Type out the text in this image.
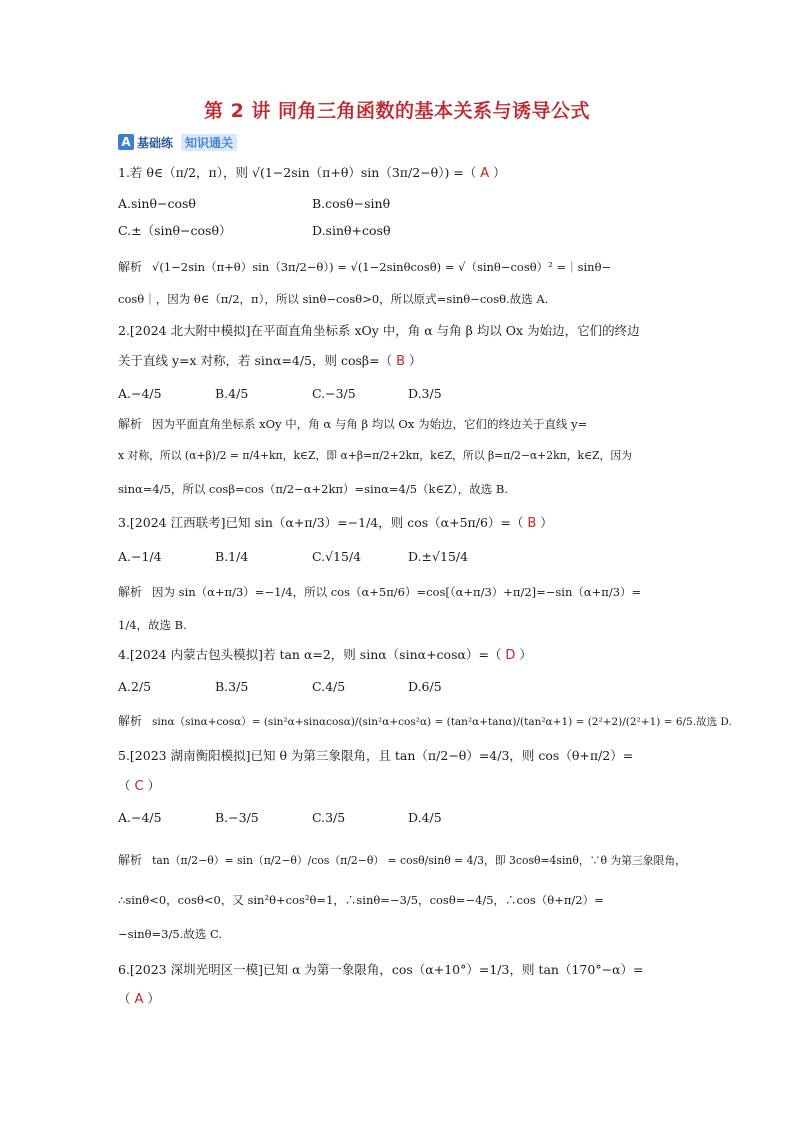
第 2 讲 同角三角函数的基本关系与诱导公式
A 基础练	知识通关
1.若 θ∈（π/2，π），则 √(1−2sin（π+θ）sin（3π/2−θ）) =（ A ）
A.sinθ−cosθ	B.cosθ−sinθ
C.±（sinθ−cosθ）	D.sinθ+cosθ
解析 √(1−2sin（π+θ）sin（3π/2−θ）) = √(1−2sinθcosθ) = √（sinθ−cosθ）² =｜sinθ−
cosθ｜，因为 θ∈（π/2，π），所以 sinθ−cosθ>0，所以原式=sinθ−cosθ.故选 A.
2.[2024 北大附中模拟]在平面直角坐标系 xOy 中，角 α 与角 β 均以 Ox 为始边，它们的终边
关于直线 y=x 对称，若 sinα=4/5，则 cosβ=（ B ）
A.−4/5	B.4/5	C.−3/5	D.3/5
解析 因为平面直角坐标系 xOy 中，角 α 与角 β 均以 Ox 为始边，它们的终边关于直线 y=
x 对称，所以 (α+β)/2 = π/4+kπ，k∈Z，即 α+β=π/2+2kπ，k∈Z，所以 β=π/2−α+2kπ，k∈Z，因为
sinα=4/5，所以 cosβ=cos（π/2−α+2kπ）=sinα=4/5（k∈Z），故选 B.
3.[2024 江西联考]已知 sin（α+π/3）=−1/4，则 cos（α+5π/6）=（ B ）
A.−1/4	B.1/4	C.√15/4	D.±√15/4
解析 因为 sin（α+π/3）=−1/4，所以 cos（α+5π/6）=cos[（α+π/3）+π/2]=−sin（α+π/3）=
1/4，故选 B.
4.[2024 内蒙古包头模拟]若 tan α=2，则 sinα（sinα+cosα）=（ D ）
A.2/5	B.3/5	C.4/5	D.6/5
解析 sinα（sinα+cosα）= (sin²α+sinαcosα)/(sin²α+cos²α) = (tan²α+tanα)/(tan²α+1) = (2²+2)/(2²+1) = 6/5.故选 D.
5.[2023 湖南衡阳模拟]已知 θ 为第三象限角，且 tan（π/2−θ）=4/3，则 cos（θ+π/2）=
（ C ）
A.−4/5	B.−3/5	C.3/5	D.4/5
解析 tan（π/2−θ）= sin（π/2−θ）/cos（π/2−θ） = cosθ/sinθ = 4/3，即 3cosθ=4sinθ，∵θ 为第三象限角，
∴sinθ<0，cosθ<0，又 sin²θ+cos²θ=1，∴sinθ=−3/5，cosθ=−4/5，∴cos（θ+π/2）=
−sinθ=3/5.故选 C.
6.[2023 深圳光明区一模]已知 α 为第一象限角，cos（α+10°）=1/3，则 tan（170°−α）=
（ A ）
